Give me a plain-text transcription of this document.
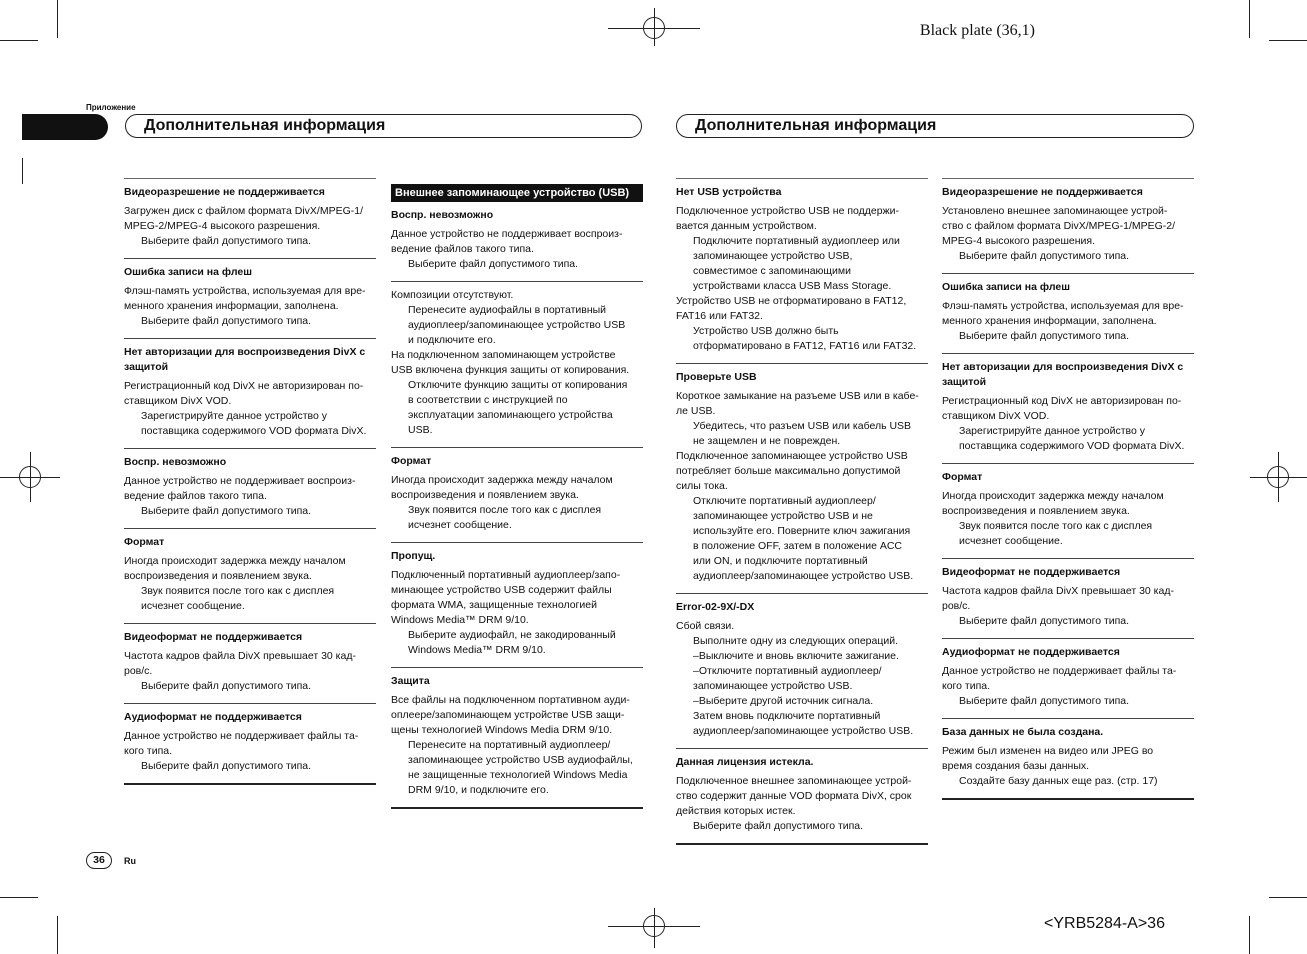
Black plate (36,1)
Приложение
Дополнительная информация	Дополнительная информация
Видеоразрешение не поддерживается
Загружен диск с файлом формата DivX/MPEG-1/
MPEG-2/MPEG-4 высокого разрешения.
Выберите файл допустимого типа.
Ошибка записи на флеш
Флэш-память устройства, используемая для вре-
менного хранения информации, заполнена.
Выберите файл допустимого типа.
Нет авторизации для воспроизведения DivX с защитой
Регистрационный код DivX не авторизирован по-
ставщиком DivX VOD.
Зарегистрируйте данное устройство у
поставщика содержимого VOD формата DivX.
Воспр. невозможно
Данное устройство не поддерживает воспроиз-
ведение файлов такого типа.
Выберите файл допустимого типа.
Формат
Иногда происходит задержка между началом
воспроизведения и появлением звука.
Звук появится после того как с дисплея
исчезнет сообщение.
Видеоформат не поддерживается
Частота кадров файла DivX превышает 30 кад-
ров/с.
Выберите файл допустимого типа.
Аудиоформат не поддерживается
Данное устройство не поддерживает файлы та-
кого типа.
Выберите файл допустимого типа.
Внешнее запоминающее устройство (USB)
Воспр. невозможно
Данное устройство не поддерживает воспроиз-
ведение файлов такого типа.
Выберите файл допустимого типа.
Композиции отсутствуют.
Перенесите аудиофайлы в портативный
аудиоплеер/запоминающее устройство USB
и подключите его.
На подключенном запоминающем устройстве
USB включена функция защиты от копирования.
Отключите функцию защиты от копирования
в соответствии с инструкцией по
эксплуатации запоминающего устройства
USB.
Формат
Иногда происходит задержка между началом
воспроизведения и появлением звука.
Звук появится после того как с дисплея
исчезнет сообщение.
Пропущ.
Подключенный портативный аудиоплеер/запо-
минающее устройство USB содержит файлы
формата WMA, защищенные технологией
Windows Media™ DRM 9/10.
Выберите аудиофайл, не закодированный
Windows Media™ DRM 9/10.
Защита
Все файлы на подключенном портативном ауди-
оплеере/запоминающем устройстве USB защи-
щены технологией Windows Media DRM 9/10.
Перенесите на портативный аудиоплеер/
запоминающее устройство USB аудиофайлы,
не защищенные технологией Windows Media
DRM 9/10, и подключите его.
Нет USB устройства
Подключенное устройство USB не поддержи-
вается данным устройством.
Подключите портативный аудиоплеер или
запоминающее устройство USB,
совместимое с запоминающими
устройствами класса USB Mass Storage.
Устройство USB не отформатировано в FAT12,
FAT16 или FAT32.
Устройство USB должно быть
отформатировано в FAT12, FAT16 или FAT32.
Проверьте USB
Короткое замыкание на разъеме USB или в кабе-
ле USB.
Убедитесь, что разъем USB или кабель USB
не защемлен и не поврежден.
Подключенное запоминающее устройство USB
потребляет больше максимально допустимой
силы тока.
Отключите портативный аудиоплеер/
запоминающее устройство USB и не
используйте его. Поверните ключ зажигания
в положение OFF, затем в положение ACC
или ON, и подключите портативный
аудиоплеер/запоминающее устройство USB.
Error-02-9X/-DX
Сбой связи.
Выполните одну из следующих операций.
–Выключите и вновь включите зажигание.
–Отключите портативный аудиоплеер/
запоминающее устройство USB.
–Выберите другой источник сигнала.
Затем вновь подключите портативный
аудиоплеер/запоминающее устройство USB.
Данная лицензия истекла.
Подключенное внешнее запоминающее устрой-
ство содержит данные VOD формата DivX, срок
действия которых истек.
Выберите файл допустимого типа.
Видеоразрешение не поддерживается
Установлено внешнее запоминающее устрой-
ство с файлом формата DivX/MPEG-1/MPEG-2/
MPEG-4 высокого разрешения.
Выберите файл допустимого типа.
Ошибка записи на флеш
Флэш-память устройства, используемая для вре-
менного хранения информации, заполнена.
Выберите файл допустимого типа.
Нет авторизации для воспроизведения DivX с защитой
Регистрационный код DivX не авторизирован по-
ставщиком DivX VOD.
Зарегистрируйте данное устройство у
поставщика содержимого VOD формата DivX.
Формат
Иногда происходит задержка между началом
воспроизведения и появлением звука.
Звук появится после того как с дисплея
исчезнет сообщение.
Видеоформат не поддерживается
Частота кадров файла DivX превышает 30 кад-
ров/с.
Выберите файл допустимого типа.
Аудиоформат не поддерживается
Данное устройство не поддерживает файлы та-
кого типа.
Выберите файл допустимого типа.
База данных не была создана.
Режим был изменен на видео или JPEG во
время создания базы данных.
Создайте базу данных еще раз. (стр. 17)
36	Ru
<YRB5284-A>36
